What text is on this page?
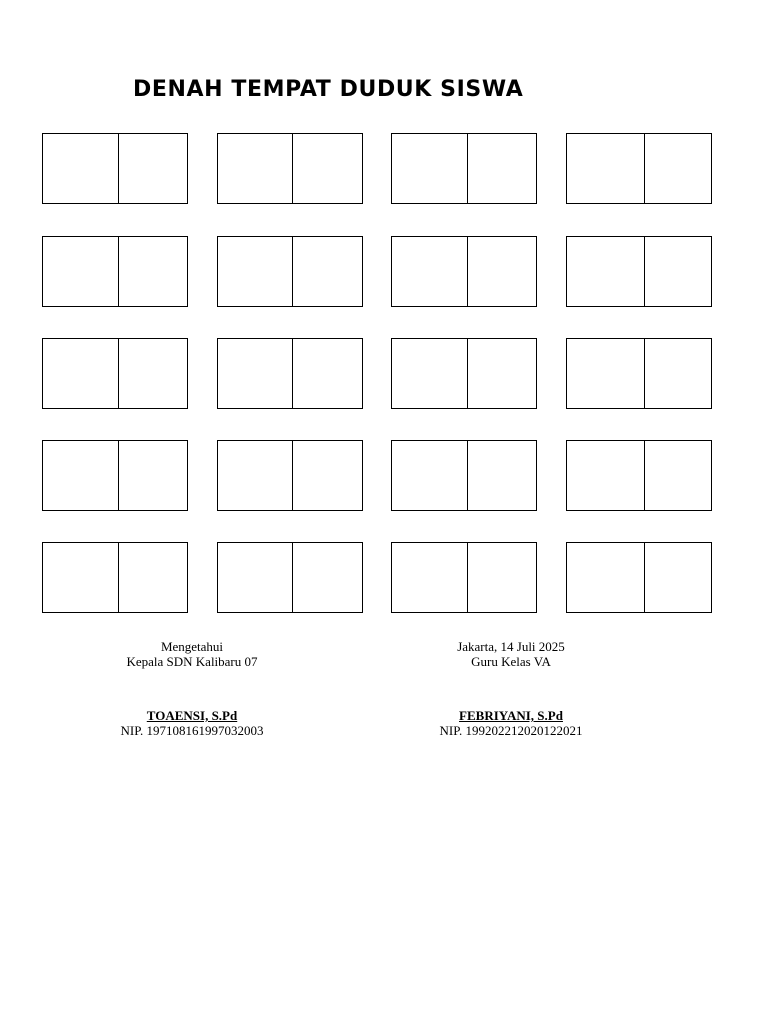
DENAH TEMPAT DUDUK SISWA
Mengetahui
Kepala SDN Kalibaru 07
TOAENSI, S.Pd
NIP. 197108161997032003
Jakarta, 14 Juli 2025
Guru Kelas VA
FEBRIYANI, S.Pd
NIP. 199202212020122021
